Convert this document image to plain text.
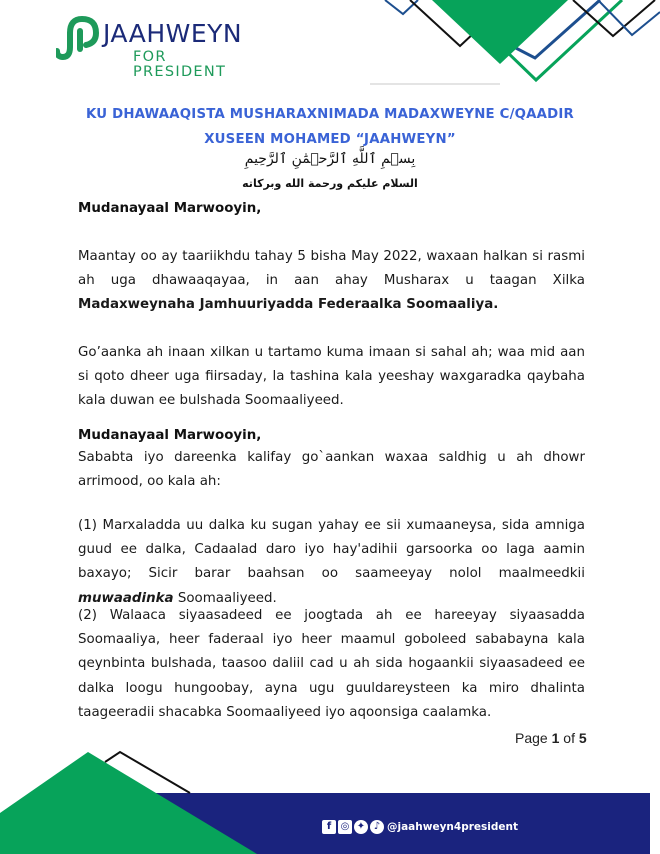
JAAHWEYN
FOR PRESIDENT
KU DHAWAAQISTA MUSHARAXNIMADA MADAXWEYNE C/QAADIR
XUSEEN MOHAMED “JAAHWEYN”
بِسۡمِ ٱللَّهِ ٱلرَّحۡمَٰنِ ٱلرَّحِيمِ
السلام عليكم ورحمة الله وبركاته
Mudanayaal Marwooyin,
Maantay oo ay taariikhdu tahay 5 bisha May 2022, waxaan halkan si rasmi ah uga dhawaaqayaa, in aan ahay Musharax u taagan Xilka Madaxweynaha Jamhuuriyadda Federaalka Soomaaliya.
Go’aanka ah inaan xilkan u tartamo kuma imaan si sahal ah; waa mid aan si qoto dheer uga fiirsaday, la tashina kala yeeshay waxgaradka qaybaha kala duwan ee bulshada Soomaaliyeed.
Mudanayaal Marwooyin,
Sababta iyo dareenka kalifay go`aankan waxaa saldhig u ah dhowr arrimood, oo kala ah:
(1) Marxaladda uu dalka ku sugan yahay ee sii xumaaneysa, sida amniga guud ee dalka, Cadaalad daro iyo hay'adihii garsoorka oo laga aamin baxayo; Sicir barar baahsan oo saameeyay nolol maalmeedkii muwaadinka Soomaaliyeed.
(2) Walaaca siyaasadeed ee joogtada ah ee hareeyay siyaasadda Soomaaliya, heer faderaal iyo heer maamul goboleed sababayna kala qeynbinta bulshada, taasoo daliil cad u ah sida hogaankii siyaasadeed ee dalka loogu hungoobay, ayna ugu guuldareysteen ka miro dhalinta taageeradii shacabka Soomaaliyeed iyo aqoonsiga caalamka.
Page 1 of 5
f ◎ ✦ ♪ @jaahweyn4president
